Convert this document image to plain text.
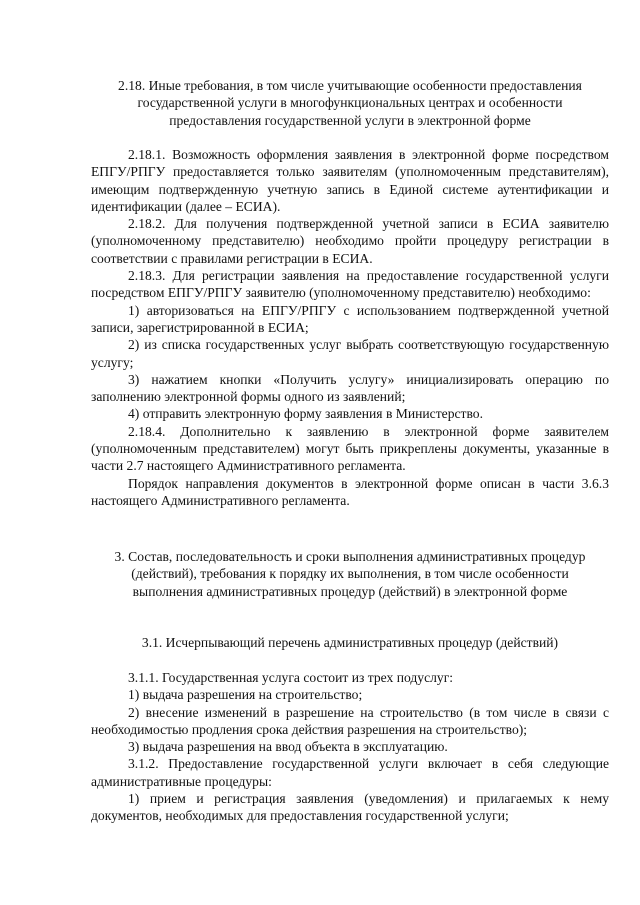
2.18. Иные требования, в том числе учитывающие особенности предоставления государственной услуги в многофункциональных центрах и особенности предоставления государственной услуги в электронной форме

2.18.1. Возможность оформления заявления в электронной форме посредством ЕПГУ/РПГУ предоставляется только заявителям (уполномоченным представителям), имеющим подтвержденную учетную запись в Единой системе аутентификации и идентификации (далее – ЕСИА).

2.18.2. Для получения подтвержденной учетной записи в ЕСИА заявителю (уполномоченному представителю) необходимо пройти процедуру регистрации в соответствии с правилами регистрации в ЕСИА.

2.18.3. Для регистрации заявления на предоставление государственной услуги посредством ЕПГУ/РПГУ заявителю (уполномоченному представителю) необходимо:

1) авторизоваться на ЕПГУ/РПГУ с использованием подтвержденной учетной записи, зарегистрированной в ЕСИА;

2) из списка государственных услуг выбрать соответствующую государственную услугу;

3) нажатием кнопки «Получить услугу» инициализировать операцию по заполнению электронной формы одного из заявлений;

4) отправить электронную форму заявления в Министерство.

2.18.4. Дополнительно к заявлению в электронной форме заявителем (уполномоченным представителем) могут быть прикреплены документы, указанные в части 2.7 настоящего Административного регламента.

Порядок направления документов в электронной форме описан в части 3.6.3 настоящего Административного регламента.

3. Состав, последовательность и сроки выполнения административных процедур (действий), требования к порядку их выполнения, в том числе особенности выполнения административных процедур (действий) в электронной форме
3.1. Исчерпывающий перечень административных процедур (действий)

3.1.1. Государственная услуга состоит из трех подуслуг:

1) выдача разрешения на строительство;

2) внесение изменений в разрешение на строительство (в том числе в связи с необходимостью продления срока действия разрешения на строительство);

3) выдача разрешения на ввод объекта в эксплуатацию.

3.1.2. Предоставление государственной услуги включает в себя следующие административные процедуры:

1) прием и регистрация заявления (уведомления) и прилагаемых к нему документов, необходимых для предоставления государственной услуги;
